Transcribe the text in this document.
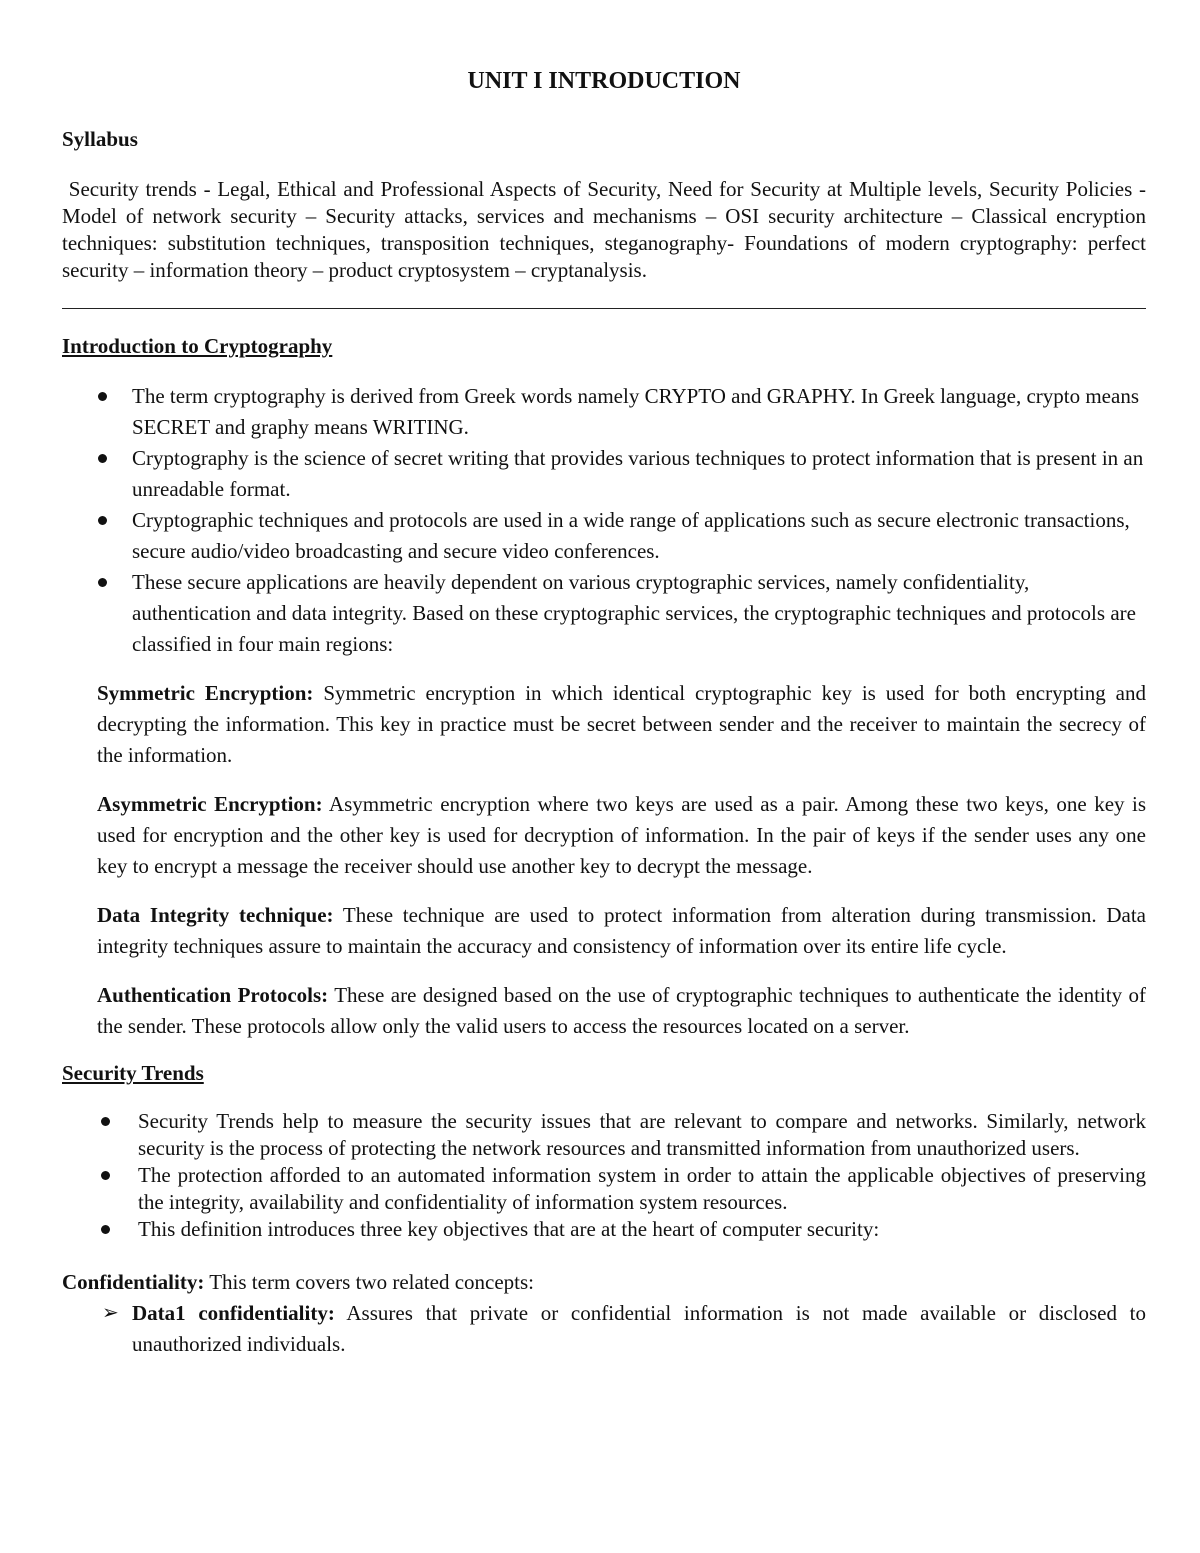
UNIT I INTRODUCTION
Syllabus

Security trends - Legal, Ethical and Professional Aspects of Security, Need for Security at Multiple levels, Security Policies - Model of network security – Security attacks, services and mechanisms – OSI security architecture – Classical encryption techniques: substitution techniques, transposition techniques, steganography- Foundations of modern cryptography: perfect security – information theory – product cryptosystem – cryptanalysis.

Introduction to Cryptography
The term cryptography is derived from Greek words namely CRYPTO and GRAPHY. In Greek language, crypto means SECRET and graphy means WRITING.
Cryptography is the science of secret writing that provides various techniques to protect information that is present in an unreadable format.
Cryptographic techniques and protocols are used in a wide range of applications such as secure electronic transactions, secure audio/video broadcasting and secure video conferences.
These secure applications are heavily dependent on various cryptographic services, namely confidentiality, authentication and data integrity. Based on these cryptographic services, the cryptographic techniques and protocols are classified in four main regions:

Symmetric Encryption: Symmetric encryption in which identical cryptographic key is used for both encrypting and decrypting the information. This key in practice must be secret between sender and the receiver to maintain the secrecy of the information.

Asymmetric Encryption: Asymmetric encryption where two keys are used as a pair. Among these two keys, one key is used for encryption and the other key is used for decryption of information. In the pair of keys if the sender uses any one key to encrypt a message the receiver should use another key to decrypt the message.

Data Integrity technique: These technique are used to protect information from alteration during transmission. Data integrity techniques assure to maintain the accuracy and consistency of information over its entire life cycle.

Authentication Protocols: These are designed based on the use of cryptographic techniques to authenticate the identity of the sender. These protocols allow only the valid users to access the resources located on a server.

Security Trends
Security Trends help to measure the security issues that are relevant to compare and networks. Similarly, network security is the process of protecting the network resources and transmitted information from unauthorized users.
The protection afforded to an automated information system in order to attain the applicable objectives of preserving the integrity, availability and confidentiality of information system resources.
This definition introduces three key objectives that are at the heart of computer security:

Confidentiality: This term covers two related concepts:

➢ Data1 confidentiality: Assures that private or confidential information is not made available or disclosed to unauthorized individuals.
